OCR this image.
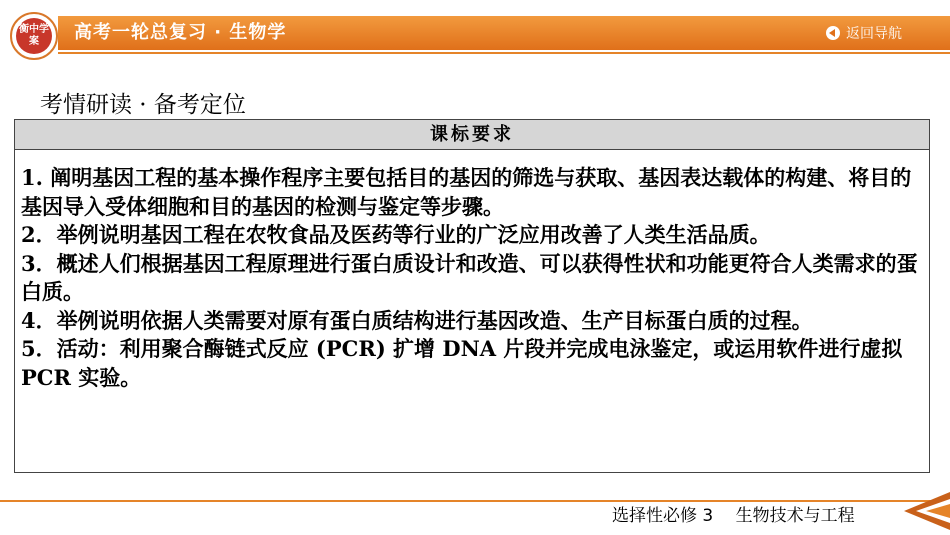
衡中学案	高考一轮总复习 · 生物学	返回导航
考情研读 · 备考定位
课标要求
1. 阐明基因工程的基本操作程序主要包括目的基因的筛选与获取、基因表达载体的构建、将目的基因导入受体细胞和目的基因的检测与鉴定等步骤。
2．举例说明基因工程在农牧食品及医药等行业的广泛应用改善了人类生活品质。
3．概述人们根据基因工程原理进行蛋白质设计和改造、可以获得性状和功能更符合人类需求的蛋白质。
4．举例说明依据人类需要对原有蛋白质结构进行基因改造、生产目标蛋白质的过程。
5．活动：利用聚合酶链式反应 (PCR) 扩增 DNA 片段并完成电泳鉴定，或运用软件进行虚拟 PCR 实验。
选择性必修 3　 生物技术与工程
